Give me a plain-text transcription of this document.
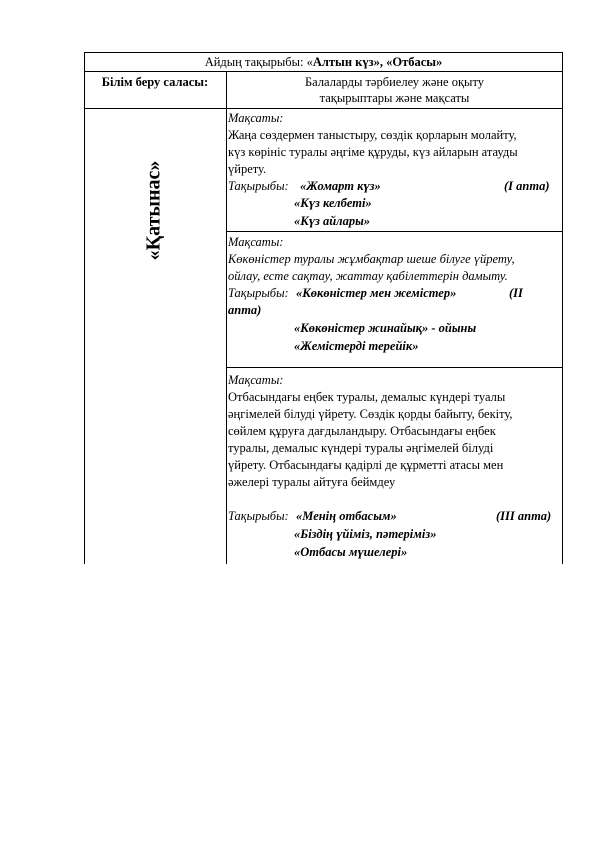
Айдың тақырыбы: «Алтын күз», «Отбасы»
Білім беру саласы:	Балаларды тәрбиелеу және оқыту
тақырыптары және мақсаты
«Қатынас»
Мақсаты:
Жаңа сөздермен таныстыру, сөздік қорларын молайту,
күз көрініс туралы әңгіме құруды, күз айларын атауды
үйрету.
Тақырыбы: «Жомарт күз»	(І апта)
«Күз келбеті»
«Күз айлары»
Мақсаты:
Көкөністер туралы жұмбақтар шеше білуге үйрету,
ойлау, есте сақтау, жаттау қабілеттерін дамыту.
Тақырыбы: «Көкөністер мен жемістер»	(ІІ
апта)
«Көкөністер жинайық» - ойыны
«Жемістерді терейік»
Мақсаты:
Отбасындағы еңбек туралы, демалыс күндері туалы
әңгімелей білуді үйрету. Сөздік қорды байыту, бекіту,
сөйлем құруға дағдыландыру. Отбасындағы еңбек
туралы, демалыс күндері туралы әңгімелей білуді
үйрету. Отбасындағы қадірлі де құрметті атасы мен
әжелері туралы айтуға беймдеу
Тақырыбы: «Менің отбасым»	(ІІІ апта)
«Біздің үйіміз, пәтеріміз»
«Отбасы мүшелері»
